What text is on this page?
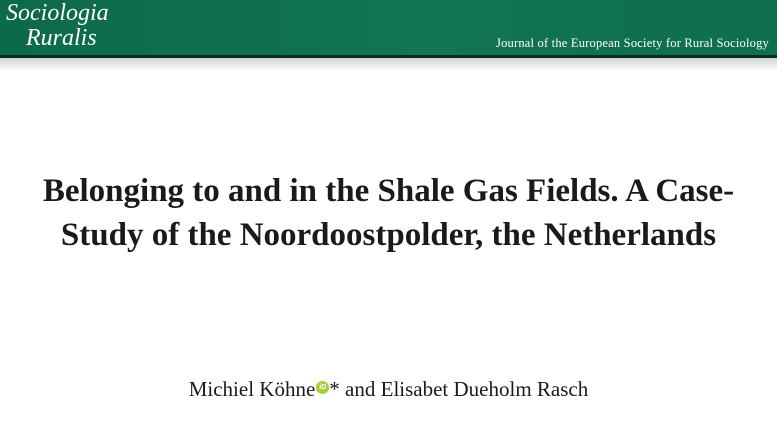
Sociologia
Ruralis	Journal of the European Society for Rural Sociology
Belonging to and in the Shale Gas Fields. A Case-Study of the Noordoostpolder, the Netherlands
Michiel Köhne iD * and Elisabet Dueholm Rasch
